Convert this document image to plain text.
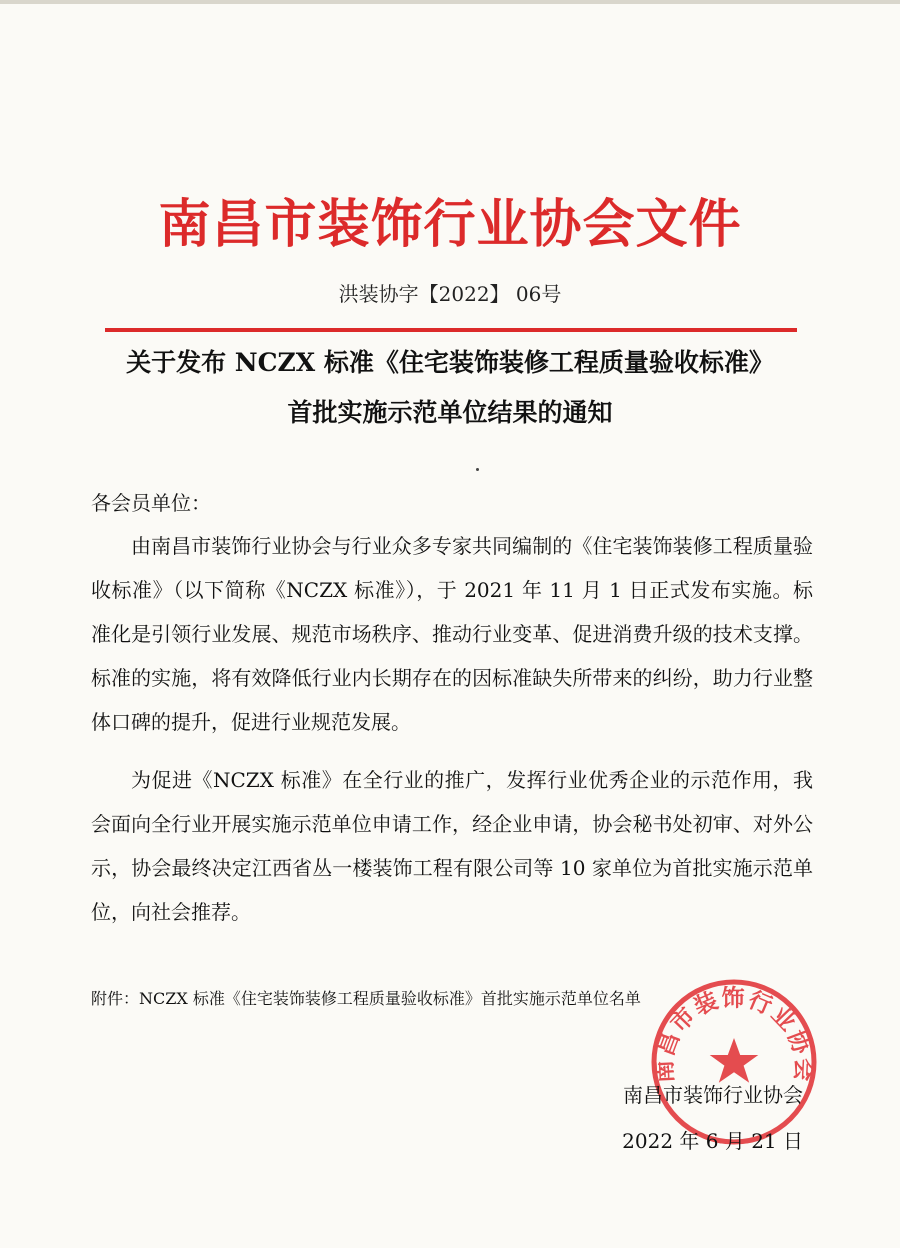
南昌市装饰行业协会文件
洪装协字【2022】 06号
关于发布 NCZX 标准《住宅装饰装修工程质量验收标准》
首批实施示范单位结果的通知
各会员单位：

由南昌市装饰行业协会与行业众多专家共同编制的《住宅装饰装修工程质量验收标准》（以下简称《NCZX 标准》），于 2021 年 11 月 1 日正式发布实施。标准化是引领行业发展、规范市场秩序、推动行业变革、促进消费升级的技术支撑。标准的实施，将有效降低行业内长期存在的因标准缺失所带来的纠纷，助力行业整体口碑的提升，促进行业规范发展。

为促进《NCZX 标准》在全行业的推广，发挥行业优秀企业的示范作用，我会面向全行业开展实施示范单位申请工作，经企业申请，协会秘书处初审、对外公示，协会最终决定江西省丛一楼装饰工程有限公司等 10 家单位为首批实施示范单位，向社会推荐。

附件：NCZX 标准《住宅装饰装修工程质量验收标准》首批实施示范单位名单
南昌市装饰行业协会
南昌市装饰行业协会
2022 年 6 月 21 日
